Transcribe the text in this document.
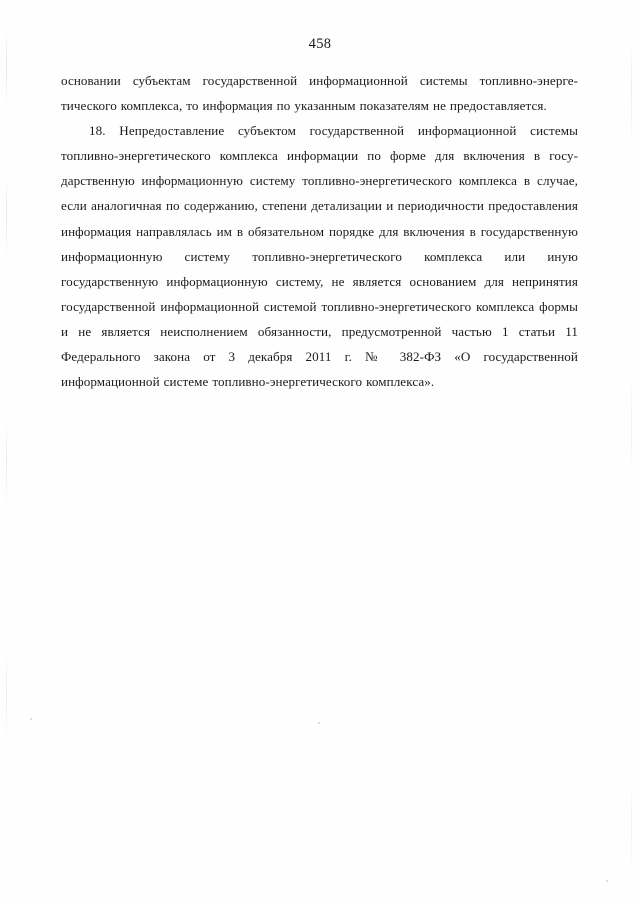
458

основании субъектам государственной информационной системы топливно-энергетического комплекса, то информация по указанным показателям не предоставляется.

18. Непредоставление субъектом государственной информационной системы топливно-энергетического комплекса информации по форме для включения в государственную информационную систему топливно-энергетического комплекса в случае, если аналогичная по содержанию, степени детализации и периодичности предоставления информация направлялась им в обязательном порядке для включения в государственную информационную систему топливно-энергетического комплекса или иную государственную информационную систему, не является основанием для непринятия государственной информационной системой топливно-энергетического комплекса формы и не является неисполнением обязанности, предусмотренной частью 1 статьи 11 Федерального закона от 3 декабря 2011 г. № 382-ФЗ «О государственной информационной системе топливно-энергетического комплекса».
